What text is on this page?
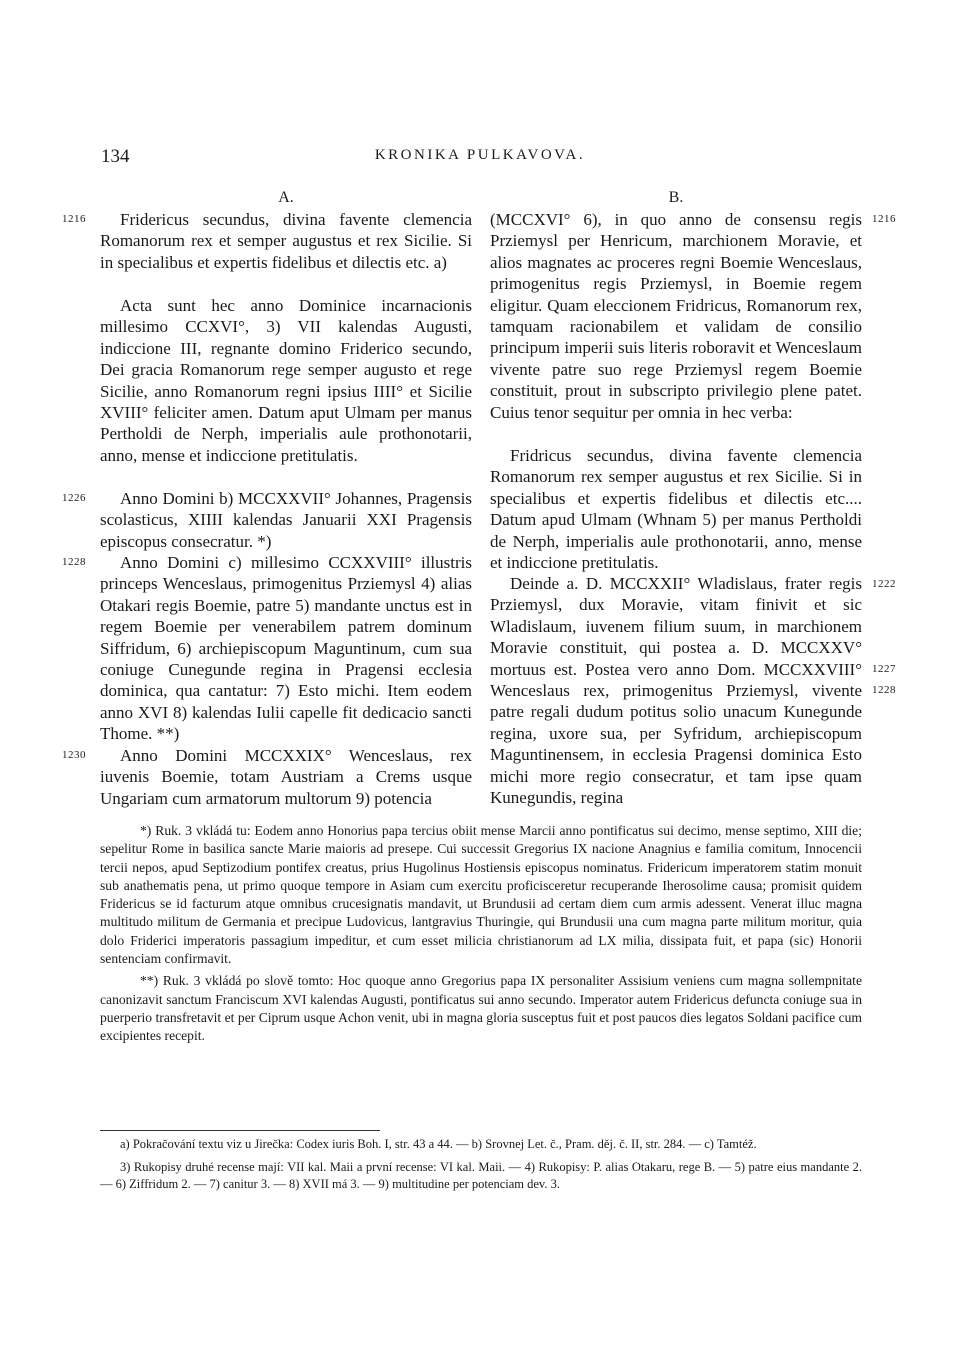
134	KRONIKA PULKAVOVA.
A.

Fridericus secundus, divina favente clemencia Romanorum rex et semper augustus et rex Sicilie. Si in specialibus et expertis fidelibus et dilectis etc. a)

Acta sunt hec anno Dominice incarnacionis millesimo CCXVI°, 3) VII kalendas Augusti, indiccione III, regnante domino Friderico secundo, Dei gracia Romanorum rege semper augusto et rege Sicilie, anno Romanorum regni ipsius IIII° et Sicilie XVIII° feliciter amen. Datum aput Ulmam per manus Pertholdi de Nerph, imperialis aule prothonotarii, anno, mense et indiccione pretitulatis.

Anno Domini b) MCCXXVII° Johannes, Pragensis scolasticus, XIIII kalendas Januarii XXI Pragensis episcopus consecratur. *)

Anno Domini c) millesimo CCXXVIII° illustris princeps Wenceslaus, primogenitus Prziemysl 4) alias Otakari regis Boemie, patre 5) mandante unctus est in regem Boemie per venerabilem patrem dominum Siffridum, 6) archiepiscopum Maguntinum, cum sua coniuge Cunegunde regina in Pragensi ecclesia dominica, qua cantatur: 7) Esto michi. Item eodem anno XVI 8) kalendas Iulii capelle fit dedicacio sancti Thome. **)

Anno Domini MCCXXIX° Wenceslaus, rex iuvenis Boemie, totam Austriam a Crems usque Ungariam cum armatorum multorum 9) potencia

1216
1226
1228
1230
B.

(MCCXVI° 6), in quo anno de consensu regis Przіemysl per Henricum, marchionem Moravie, et alios magnates ac proceres regni Boemie Wenceslaus, primogenitus regis Przіemysl, in Boemie regem eligitur. Quam eleccionem Fridricus, Romanorum rex, tamquam racionabilem et validam de consilio principum imperii suis literis roboravit et Wenceslaum vivente patre suo rege Przіemysl regem Boemie constituit, prout in subscripto privilegio plene patet. Cuius tenor sequitur per omnia in hec verba:

Fridricus secundus, divina favente clemencia Romanorum rex semper augustus et rex Sicilie. Si in specialibus et expertis fidelibus et dilectis etc.... Datum apud Ulmam (Whnam 5) per manus Pertholdi de Nerph, imperialis aule prothonotarii, anno, mense et indiccione pretitulatis.

Deinde a. D. MCCXXII° Wladislaus, frater regis Przіemysl, dux Moravie, vitam finivit et sic Wladislaum, iuvenem filium suum, in marchionem Moravie constituit, qui postea a. D. MCCXXV° mortuus est. Postea vero anno Dom. MCCXXVIII° Wenceslaus rex, primogenitus Przіemysl, vivente patre regali dudum potitus solio unacum Kunegunde regina, uxore sua, per Syfridum, archiepiscopum Maguntinensem, in ecclesia Pragensi dominica Esto michi more regio consecratur, et tam ipse quam Kunegundis, regina

1216
1222
1227
1228

*) Ruk. 3 vkládá tu: Eodem anno Honorius papa tercius obiit mense Marcii anno pontificatus sui decimo, mense septimo, XIII die; sepelitur Rome in basilica sancte Marie maioris ad presepe. Cui successit Gregorius IX nacione Anagnius e familia comitum, Innocencii tercii nepos, apud Septizodium pontifex creatus, prius Hugolinus Hostiensis episcopus nominatus. Fridericum imperatorem statim monuit sub anathematis pena, ut primo quoque tempore in Asiam cum exercitu proficisceretur recuperande Iherosolime causa; promisit quidem Fridericus se id facturum atque omnibus crucesignatis mandavit, ut Brundusii ad certam diem cum armis adessent. Venerat illuc magna multitudo militum de Germania et precipue Ludovicus, lantgravius Thuringie, qui Brundusii una cum magna parte militum moritur, quia dolo Friderici imperatoris passagium impeditur, et cum esset milicia christianorum ad LX milia, dissipata fuit, et papa (sic) Honorii sentenciam confirmavit.

**) Ruk. 3 vkládá po slově tomto: Hoc quoque anno Gregorius papa IX personaliter Assisium veniens cum magna sollempnitate canonizavit sanctum Franciscum XVI kalendas Augusti, pontificatus sui anno secundo. Imperator autem Fridericus defuncta coniuge sua in puerperio transfretavit et per Ciprum usque Achon venit, ubi in magna gloria susceptus fuit et post paucos dies legatos Soldani pacifice cum excipientes recepit.

a) Pokračování textu viz u Jirečka: Codex iuris Boh. I, str. 43 a 44. — b) Srovnej Let. č., Pram. děj. č. II, str. 284. — c) Tamtéž.

3) Rukopisy druhé recense mají: VII kal. Maii a první recense: VI kal. Maii. — 4) Rukopisy: P. alias Otakaru, rege B. — 5) patre eius mandante 2. — 6) Ziffridum 2. — 7) canitur 3. — 8) XVII má 3. — 9) multitudine per potenciam dev. 3.
